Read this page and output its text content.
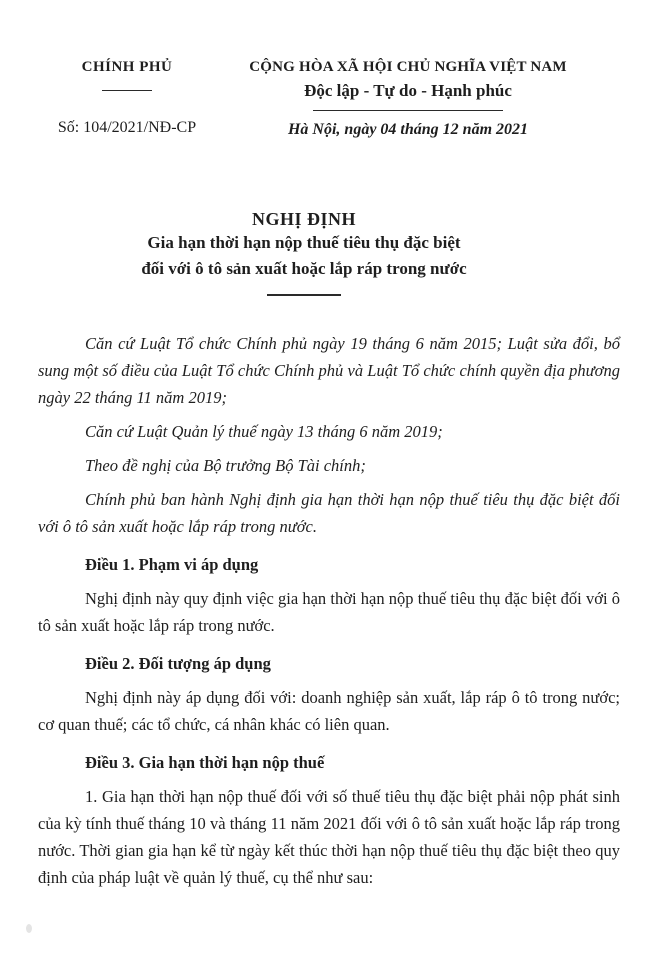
CHÍNH PHỦ
Số: 104/2021/NĐ-CP
CỘNG HÒA XÃ HỘI CHỦ NGHĨA VIỆT NAM
Độc lập - Tự do - Hạnh phúc
Hà Nội, ngày 04 tháng 12 năm 2021
NGHỊ ĐỊNH
Gia hạn thời hạn nộp thuế tiêu thụ đặc biệt
đối với ô tô sản xuất hoặc lắp ráp trong nước

Căn cứ Luật Tổ chức Chính phủ ngày 19 tháng 6 năm 2015; Luật sửa đổi, bổ sung một số điều của Luật Tổ chức Chính phủ và Luật Tổ chức chính quyền địa phương ngày 22 tháng 11 năm 2019;

Căn cứ Luật Quản lý thuế ngày 13 tháng 6 năm 2019;

Theo đề nghị của Bộ trưởng Bộ Tài chính;

Chính phủ ban hành Nghị định gia hạn thời hạn nộp thuế tiêu thụ đặc biệt đối với ô tô sản xuất hoặc lắp ráp trong nước.

Điều 1. Phạm vi áp dụng

Nghị định này quy định việc gia hạn thời hạn nộp thuế tiêu thụ đặc biệt đối với ô tô sản xuất hoặc lắp ráp trong nước.

Điều 2. Đối tượng áp dụng

Nghị định này áp dụng đối với: doanh nghiệp sản xuất, lắp ráp ô tô trong nước; cơ quan thuế; các tổ chức, cá nhân khác có liên quan.

Điều 3. Gia hạn thời hạn nộp thuế

1. Gia hạn thời hạn nộp thuế đối với số thuế tiêu thụ đặc biệt phải nộp phát sinh của kỳ tính thuế tháng 10 và tháng 11 năm 2021 đối với ô tô sản xuất hoặc lắp ráp trong nước. Thời gian gia hạn kể từ ngày kết thúc thời hạn nộp thuế tiêu thụ đặc biệt theo quy định của pháp luật về quản lý thuế, cụ thể như sau:
